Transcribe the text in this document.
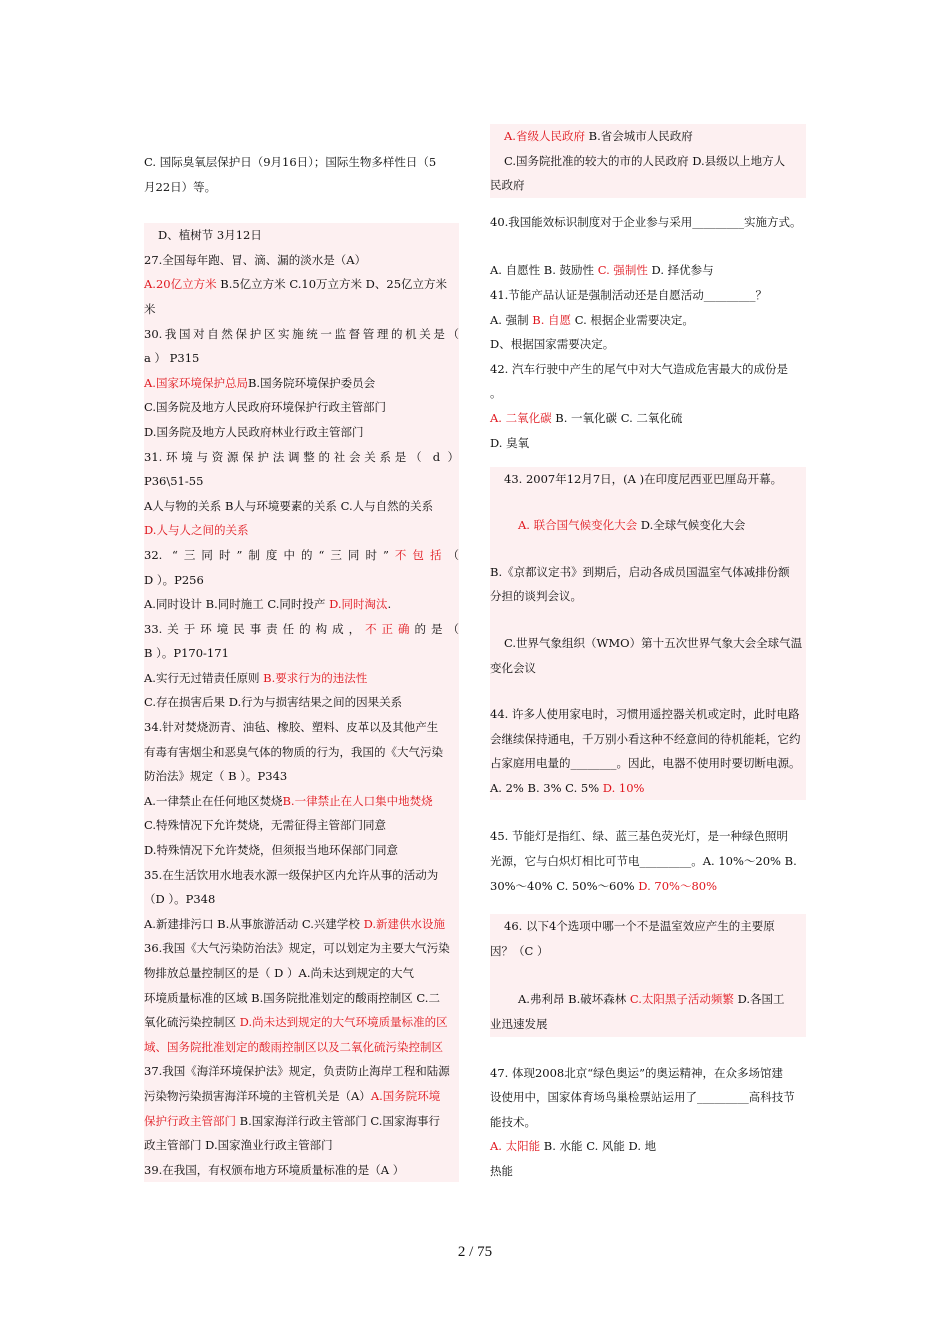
C. 国际臭氧层保护日（9月16日）；国际生物多样性日（5

月22日）等。

D、植树节 3月12日

27.全国每年跑、冒、滴、漏的淡水是（A）

A.20亿立方米 B.5亿立方米 C.10万立方米 D、25亿立方米

米

30.我国对自然保护区实施统一监督管理的机关是（

a ） P315

A.国家环境保护总局B.国务院环境保护委员会

C.国务院及地方人民政府环境保护行政主管部门

D.国务院及地方人民政府林业行政主管部门

31.环境与资源保护法调整的社会关系是（ d ）

P36\51-55

A人与物的关系 B人与环境要素的关系 C.人与自然的关系

D.人与人之间的关系

32. “三同时”制度中的“三同时”不包括（

D ）。P256

A.同时设计 B.同时施工 C.同时投产 D.同时淘汰.

33.关于环境民事责任的构成，不正确的是（

B ）。P170-171

A.实行无过错责任原则 B.要求行为的违法性

C.存在损害后果 D.行为与损害结果之间的因果关系

34.针对焚烧沥青、油毡、橡胶、塑料、皮革以及其他产生

有毒有害烟尘和恶臭气体的物质的行为，我国的《大气污染

防治法》规定（ B ）。P343

A.一律禁止在任何地区焚烧B.一律禁止在人口集中地焚烧

C.特殊情况下允许焚烧，无需征得主管部门同意

D.特殊情况下允许焚烧，但须报当地环保部门同意

35.在生活饮用水地表水源一级保护区内允许从事的活动为

（D ）。P348

A.新建排污口 B.从事旅游活动 C.兴建学校 D.新建供水设施

36.我国《大气污染防治法》规定，可以划定为主要大气污染

物排放总量控制区的是（ D ）A.尚未达到规定的大气

环境质量标准的区域 B.国务院批准划定的酸雨控制区 C.二

氧化硫污染控制区 D.尚未达到规定的大气环境质量标准的区

域、国务院批准划定的酸雨控制区以及二氧化硫污染控制区

37.我国《海洋环境保护法》规定，负责防止海岸工程和陆源

污染物污染损害海洋环境的主管机关是（A）A.国务院环境

保护行政主管部门 B.国家海洋行政主管部门 C.国家海事行

政主管部门 D.国家渔业行政主管部门

39.在我国，有权颁布地方环境质量标准的是（A ）

A.省级人民政府 B.省会城市人民政府

C.国务院批准的较大的市的人民政府 D.县级以上地方人

民政府

40.我国能效标识制度对于企业参与采用_________实施方式。

A. 自愿性 B. 鼓励性 C. 强制性 D. 择优参与

41.节能产品认证是强制活动还是自愿活动_________？

A. 强制 B. 自愿 C. 根据企业需要决定。

D、根据国家需要决定。

42. 汽车行驶中产生的尾气中对大气造成危害最大的成份是

。

A. 二氧化碳 B. 一氧化碳 C. 二氧化硫

D. 臭氧

43. 2007年12月7日，(A )在印度尼西亚巴厘岛开幕。

A. 联合国气候变化大会 D.全球气候变化大会

B.《京都议定书》到期后，启动各成员国温室气体减排份额

分担的谈判会议。

C.世界气象组织（WMO）第十五次世界气象大会全球气温

变化会议

44. 许多人使用家电时，习惯用遥控器关机或定时，此时电路

会继续保持通电，千万别小看这种不经意间的待机能耗，它约

占家庭用电量的________。因此，电器不使用时要切断电源。

A. 2% B. 3% C. 5% D. 10%

45. 节能灯是指红、绿、蓝三基色荧光灯，是一种绿色照明

光源，它与白炽灯相比可节电_________。A. 10%～20% B.

30%～40% C. 50%～60% D. 70%～80%

46. 以下4个选项中哪一个不是温室效应产生的主要原

因？（C ）

A.弗利昂 B.破坏森林 C.太阳黑子活动频繁 D.各国工

业迅速发展

47. 体现2008北京“绿色奥运”的奥运精神，在众多场馆建

设使用中，国家体育场鸟巢检票站运用了_________高科技节

能技术。

A. 太阳能 B. 水能 C. 风能 D. 地

热能

2 / 75
